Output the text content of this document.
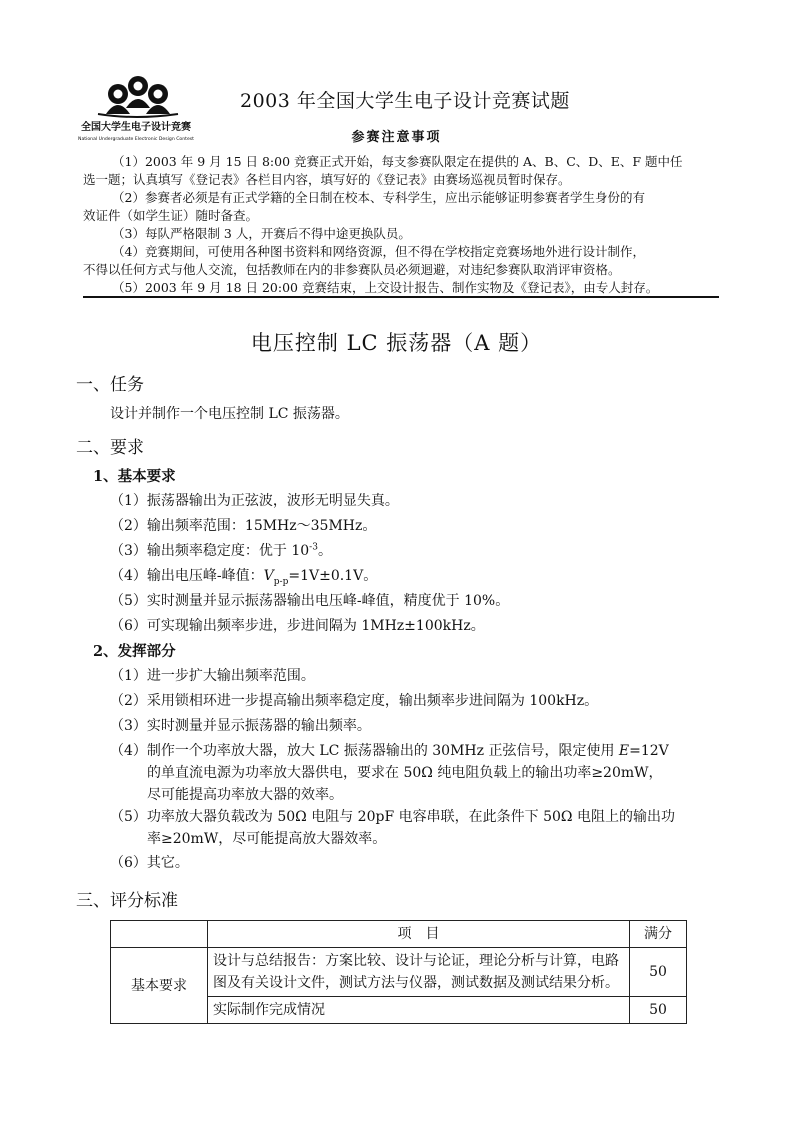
全国大学生电子设计竞赛
National Undergraduate Electronic Design Contest
2003 年全国大学生电子设计竞赛试题
参赛注意事项
（1）2003 年 9 月 15 日 8:00 竞赛正式开始，每支参赛队限定在提供的 A、B、C、D、E、F 题中任
选一题；认真填写《登记表》各栏目内容，填写好的《登记表》由赛场巡视员暂时保存。
（2）参赛者必须是有正式学籍的全日制在校本、专科学生，应出示能够证明参赛者学生身份的有
效证件（如学生证）随时备查。
（3）每队严格限制 3 人，开赛后不得中途更换队员。
（4）竞赛期间，可使用各种图书资料和网络资源，但不得在学校指定竞赛场地外进行设计制作，
不得以任何方式与他人交流，包括教师在内的非参赛队员必须迴避，对违纪参赛队取消评审资格。
（5）2003 年 9 月 18 日 20:00 竞赛结束，上交设计报告、制作实物及《登记表》，由专人封存。
电压控制 LC 振荡器（A 题）
一、任务
设计并制作一个电压控制 LC 振荡器。
二、要求
1、基本要求
（1）振荡器输出为正弦波，波形无明显失真。
（2）输出频率范围：15MHz～35MHz。
（3）输出频率稳定度：优于 $10^{-3}$。
（4）输出电压峰-峰值：$V_{p-p}=1V\pm 0.1V$。
（5）实时测量并显示振荡器输出电压峰-峰值，精度优于 10%。
（6）可实现输出频率步进，步进间隔为 1MHz±100kHz。
2、发挥部分
（1）进一步扩大输出频率范围。
（2）采用锁相环进一步提高输出频率稳定度，输出频率步进间隔为 100kHz。
（3）实时测量并显示振荡器的输出频率。
（4）制作一个功率放大器，放大 LC 振荡器输出的 30MHz 正弦信号，限定使用 E=12V
的单直流电源为功率放大器供电，要求在 50Ω 纯电阻负载上的输出功率≥20mW，
尽可能提高功率放大器的效率。
（5）功率放大器负载改为 50Ω 电阻与 20pF 电容串联，在此条件下 50Ω 电阻上的输出功
率≥20mW，尽可能提高放大器效率。
（6）其它。
三、评分标准
	项　目	满分
基本要求	设计与总结报告：方案比较、设计与论证，理论分析与计算，电路图及有关设计文件，测试方法与仪器，测试数据及测试结果分析。	50
	实际制作完成情况	50
